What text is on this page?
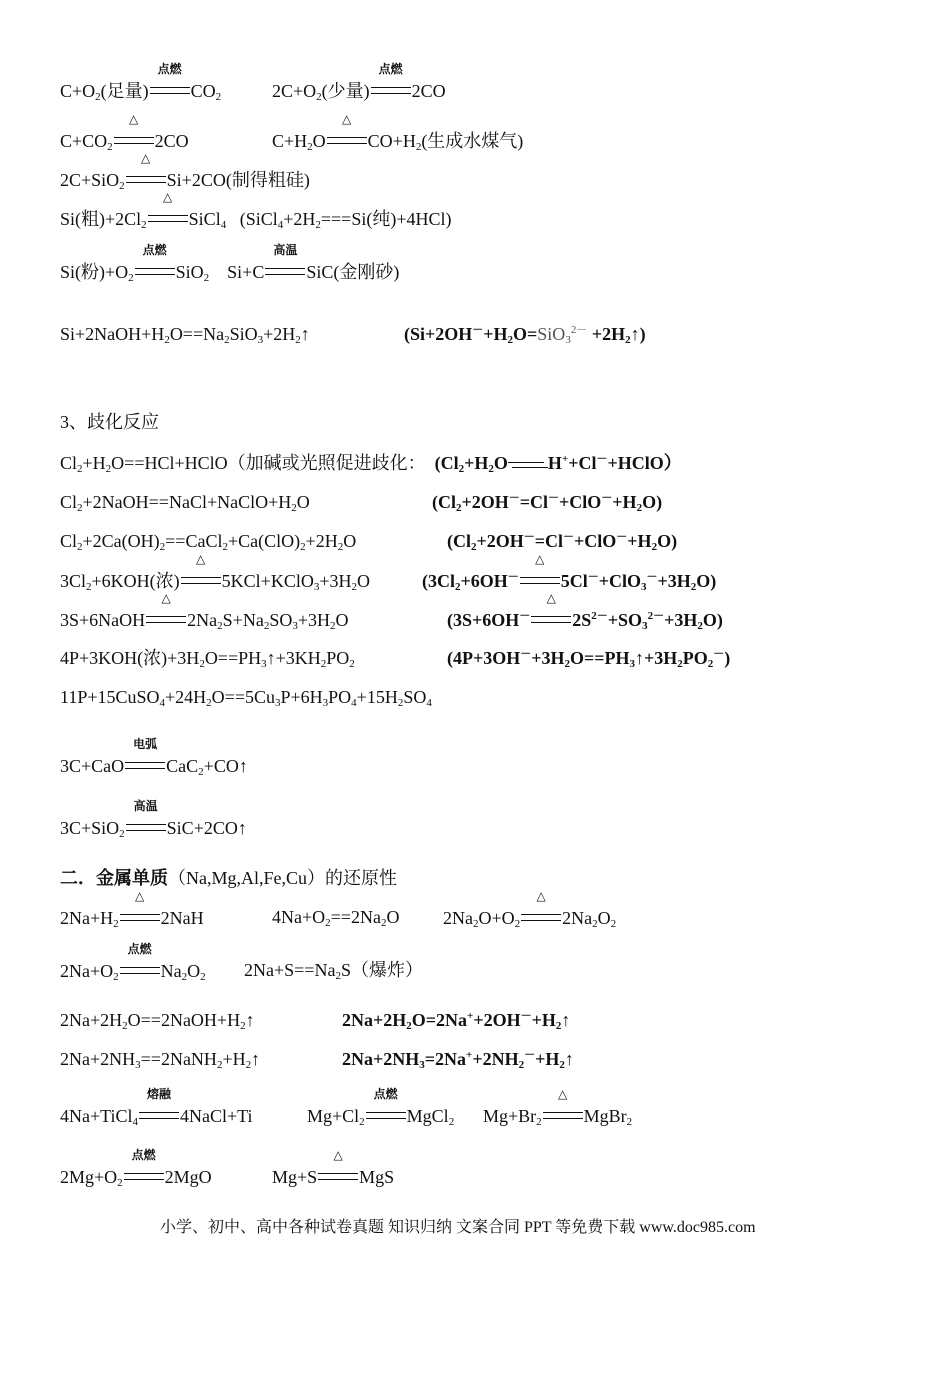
3、歧化反应
二．金属单质（Na,Mg,Al,Fe,Cu）的还原性
小学、初中、高中各种试卷真题 知识归纳 文案合同 PPT 等免费下载 www.doc985.com
$C+O_2$(足量)
点燃
$CO_2$	$2C+O_2$(少量)
点燃
2CO
$C+CO_2$
△
2CO	$C+H_2O$
△
$CO+H_2$(生成水煤气)
2C+SiO$_2$
△
Si+2CO(制得粗硅)
Si(粗)$+2Cl_2$
△
SiCl$_4$   ($SiCl_4+2H_2===Si$(纯)+4HCl)
Si(粉)$+O_2$
点燃
SiO$_2$    Si+C
高温
SiC(金刚砂)
$Si+2NaOH+H_2O==Na_2SiO_3+2H_2↑$	($Si+2OH^-+H_2O=SiO_3^{2-}$ $+2H_2↑$)
$Cl_2+H_2O==HCl+HClO$（加碱或光照促进歧化：  ($Cl_2+H_2O$ H++Cl－+HClO）
$Cl_2+2NaOH==NaCl+NaClO+H_2O$	$(Cl_2+2OH^-=Cl^-+ClO^-+H_2O)$
$Cl_2+2Ca(OH)_2==CaCl_2+Ca(ClO)_2+2H_2O$	$(Cl_2+2OH^-=Cl^-+ClO^-+H_2O)$
$3Cl_2+6KOH$(浓)
△
$5KCl+KClO_3+3H_2O$	($3Cl_2+6OH^-$
△
$5Cl^-+ClO_3^-+3H_2O$)
3S+6NaOH
△
$2Na_2S+Na_2SO_3+3H_2O$	(3S+6OH－
△
$2S^{2-}+SO_3^{2-}+3H_2O$)
4P+3KOH(浓)$+3H_2O==PH_3↑+3KH_2PO_2$	$(4P+3OH^-+3H_2O==PH_3↑+3H_2PO_2^-)$
$11P+15CuSO_4+24H_2O==5Cu_3P+6H_3PO_4+15H_2SO_4$
3C+CaO
电弧
CaC$_2$+CO↑
3C+SiO$_2$
高温
SiC+2CO↑
$2Na+H_2$
△
2NaH	$4Na+O_2==2Na_2O$ $2Na_2O+O_2$
△
$2Na_2O_2$
$2Na+O_2$
点燃
$Na_2O_2$ $2Na+S==Na_2S$（爆炸）
$2Na+2H_2O==2NaOH+H_2↑$	$2Na+2H_2O=2Na^++2OH^-+H_2↑$
$2Na+2NH_3==2NaNH_2+H_2↑$	$2Na+2NH_3=2Na^++2NH_2^-+H_2↑$
4Na+TiCl$_4$
熔融
4NaCl+Ti	$Mg+Cl_2$
点燃
MgCl$_2$ $Mg+Br_2$
△
MgBr$_2$
$2Mg+O_2$
点燃
2MgO	Mg+S
△
MgS
